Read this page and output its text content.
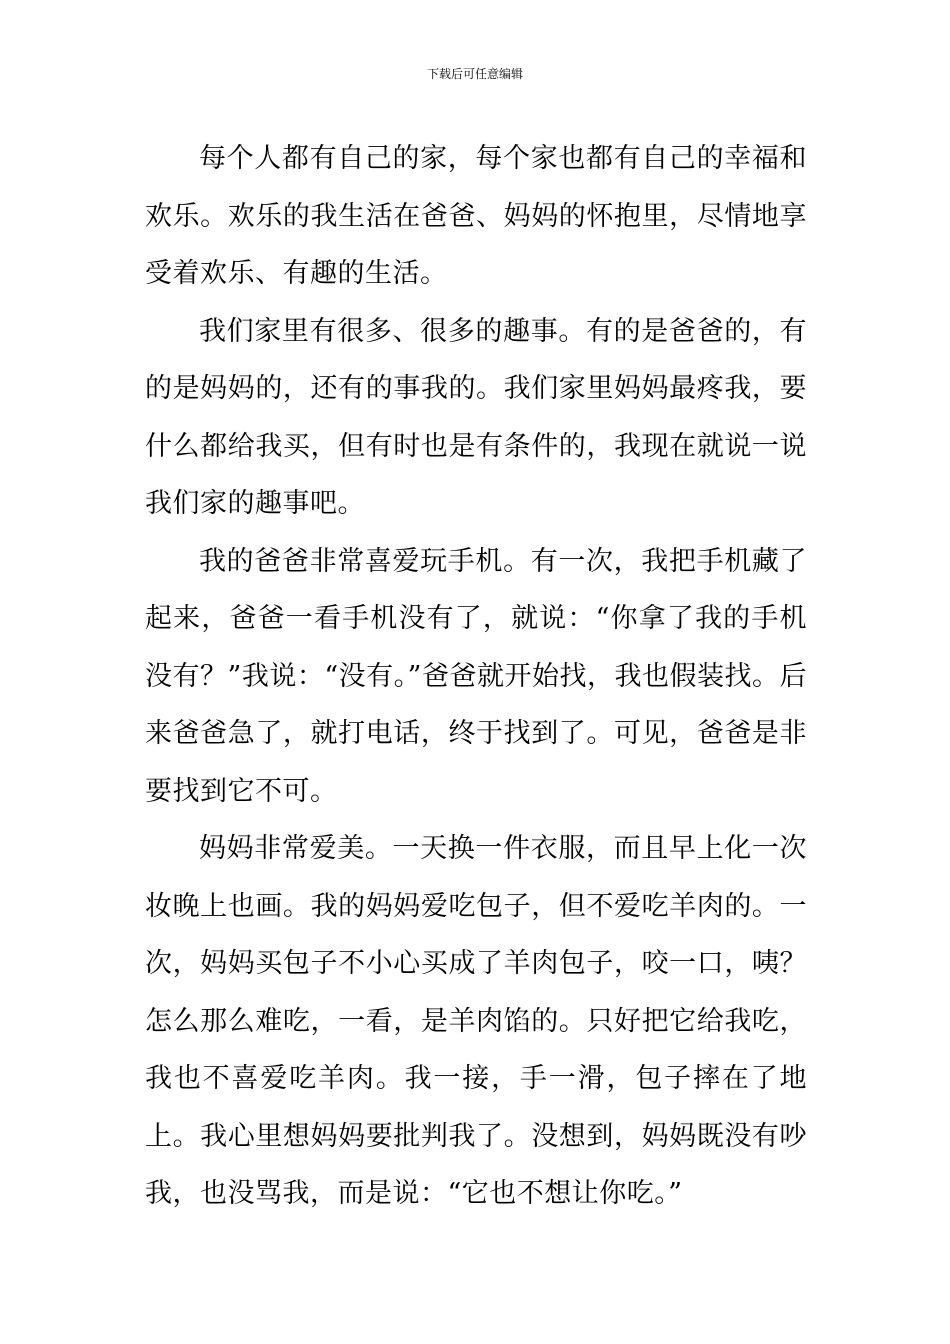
下载后可任意编辑

每个人都有自己的家，每个家也都有自己的幸福和欢乐。欢乐的我生活在爸爸、妈妈的怀抱里，尽情地享受着欢乐、有趣的生活。

我们家里有很多、很多的趣事。有的是爸爸的，有的是妈妈的，还有的事我的。我们家里妈妈最疼我，要什么都给我买，但有时也是有条件的，我现在就说一说我们家的趣事吧。

我的爸爸非常喜爱玩手机。有一次，我把手机藏了起来，爸爸一看手机没有了，就说：“你拿了我的手机没有？”我说：“没有。”爸爸就开始找，我也假装找。后来爸爸急了，就打电话，终于找到了。可见，爸爸是非要找到它不可。

妈妈非常爱美。一天换一件衣服，而且早上化一次妆晚上也画。我的妈妈爱吃包子，但不爱吃羊肉的。一次，妈妈买包子不小心买成了羊肉包子，咬一口，咦？怎么那么难吃，一看，是羊肉馅的。只好把它给我吃，我也不喜爱吃羊肉。我一接，手一滑，包子摔在了地上。我心里想妈妈要批判我了。没想到，妈妈既没有吵我，也没骂我，而是说：“它也不想让你吃。”
